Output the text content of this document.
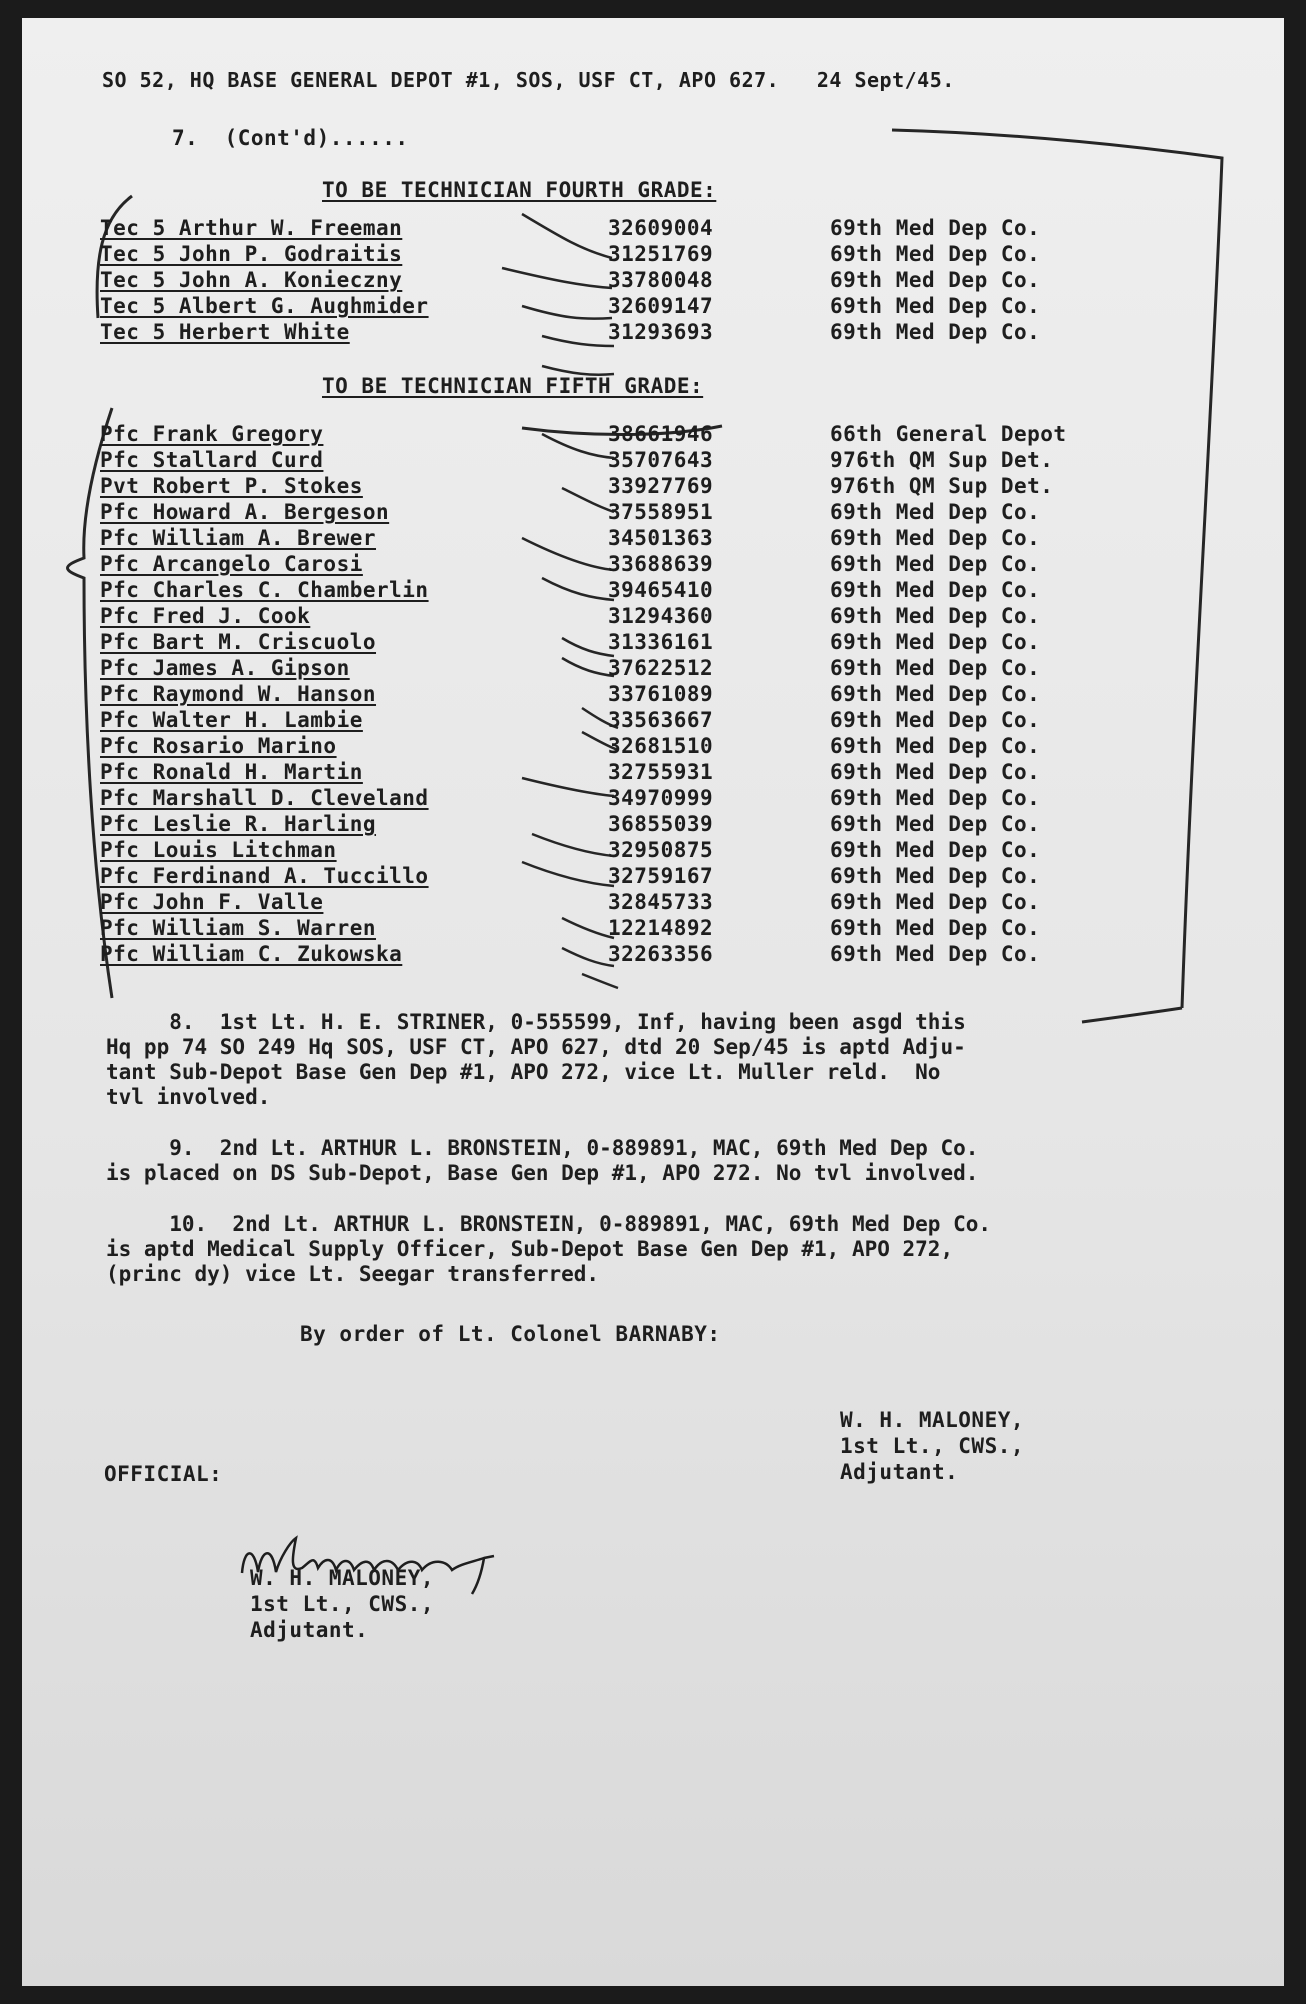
SO 52, HQ BASE GENERAL DEPOT #1, SOS, USF CT, APO 627.   24 Sept/45.
7.  (Cont'd)......
TO BE TECHNICIAN FOURTH GRADE:
Tec 5 Arthur W. Freeman	32609004	69th Med Dep Co.
Tec 5 John P. Godraitis	31251769	69th Med Dep Co.
Tec 5 John A. Konieczny	33780048	69th Med Dep Co.
Tec 5 Albert G. Aughmider	32609147	69th Med Dep Co.
Tec 5 Herbert White	31293693	69th Med Dep Co.
TO BE TECHNICIAN FIFTH GRADE:
Pfc Frank Gregory	38661946	66th General Depot
Pfc Stallard Curd	35707643	976th QM Sup Det.
Pvt Robert P. Stokes	33927769	976th QM Sup Det.
Pfc Howard A. Bergeson	37558951	69th Med Dep Co.
Pfc William A. Brewer	34501363	69th Med Dep Co.
Pfc Arcangelo Carosi	33688639	69th Med Dep Co.
Pfc Charles C. Chamberlin	39465410	69th Med Dep Co.
Pfc Fred J. Cook	31294360	69th Med Dep Co.
Pfc Bart M. Criscuolo	31336161	69th Med Dep Co.
Pfc James A. Gipson	37622512	69th Med Dep Co.
Pfc Raymond W. Hanson	33761089	69th Med Dep Co.
Pfc Walter H. Lambie	33563667	69th Med Dep Co.
Pfc Rosario Marino	32681510	69th Med Dep Co.
Pfc Ronald H. Martin	32755931	69th Med Dep Co.
Pfc Marshall D. Cleveland	34970999	69th Med Dep Co.
Pfc Leslie R. Harling	36855039	69th Med Dep Co.
Pfc Louis Litchman	32950875	69th Med Dep Co.
Pfc Ferdinand A. Tuccillo	32759167	69th Med Dep Co.
Pfc John F. Valle	32845733	69th Med Dep Co.
Pfc William S. Warren	12214892	69th Med Dep Co.
Pfc William C. Zukowska	32263356	69th Med Dep Co.
8.  1st Lt. H. E. STRINER, 0-555599, Inf, having been asgd this
Hq pp 74 SO 249 Hq SOS, USF CT, APO 627, dtd 20 Sep/45 is aptd Adju-
tant Sub-Depot Base Gen Dep #1, APO 272, vice Lt. Muller reld.  No
tvl involved.
9.  2nd Lt. ARTHUR L. BRONSTEIN, 0-889891, MAC, 69th Med Dep Co.
is placed on DS Sub-Depot, Base Gen Dep #1, APO 272. No tvl involved.
10.  2nd Lt. ARTHUR L. BRONSTEIN, 0-889891, MAC, 69th Med Dep Co.
is aptd Medical Supply Officer, Sub-Depot Base Gen Dep #1, APO 272,
(princ dy) vice Lt. Seegar transferred.
By order of Lt. Colonel BARNABY:
W. H. MALONEY,
1st Lt., CWS.,
Adjutant.
OFFICIAL:
W. H. MALONEY,
1st Lt., CWS.,
Adjutant.
